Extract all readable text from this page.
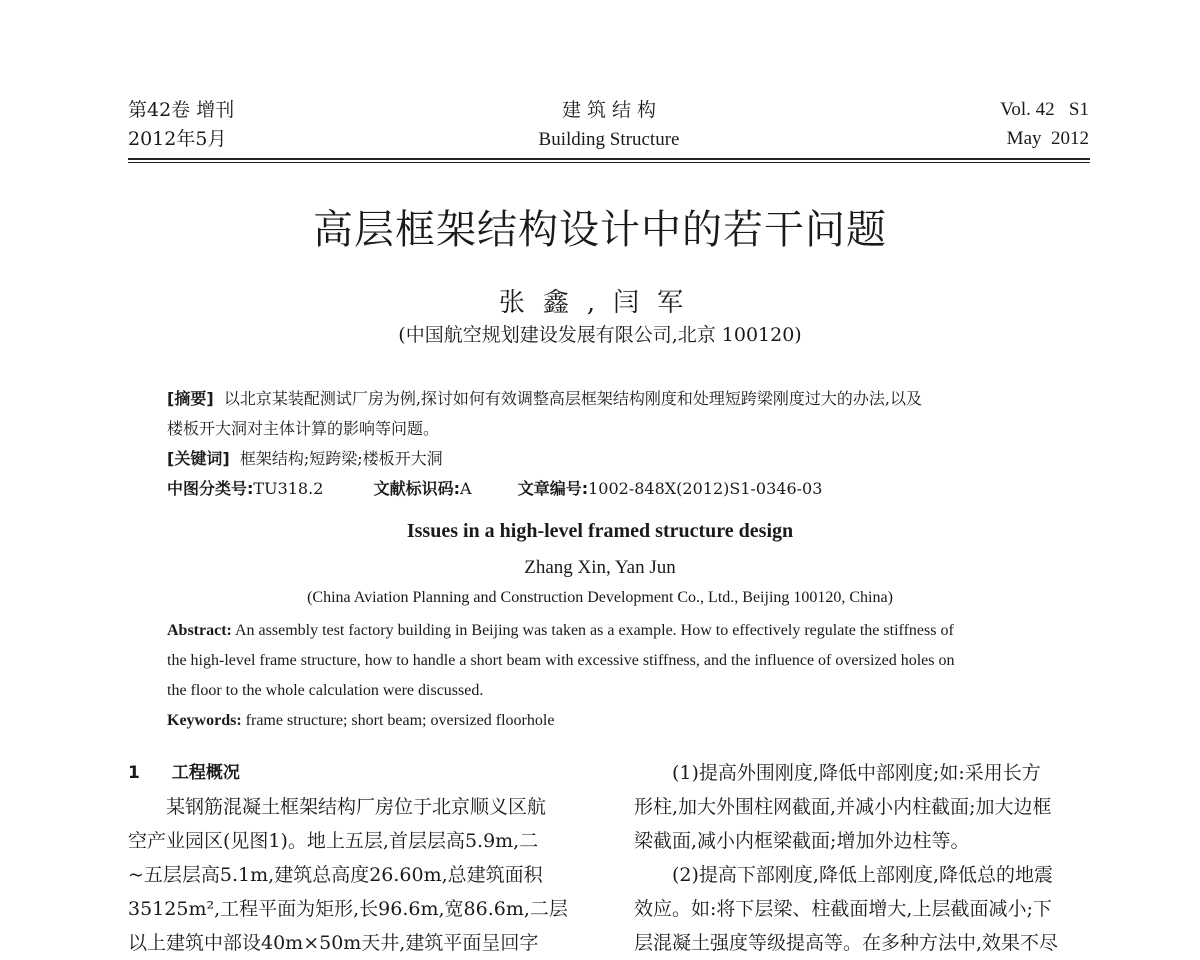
第42卷 增刊
2012年5月
建 筑 结 构
Building Structure
Vol. 42   S1
May  2012
高层框架结构设计中的若干问题
张鑫,闫军
(中国航空规划建设发展有限公司,北京 100120)
[摘要] 以北京某装配测试厂房为例,探讨如何有效调整高层框架结构刚度和处理短跨梁刚度过大的办法,以及
楼板开大洞对主体计算的影响等问题。
[关键词] 框架结构;短跨梁;楼板开大洞
中图分类号:TU318.2	文献标识码:A	文章编号:1002-848X(2012)S1-0346-03
Issues in a high-level framed structure design
Zhang Xin, Yan Jun
(China Aviation Planning and Construction Development Co., Ltd., Beijing 100120, China)
Abstract: An assembly test factory building in Beijing was taken as a example. How to effectively regulate the stiffness of
the high-level frame structure, how to handle a short beam with excessive stiffness, and the influence of oversized holes on
the floor to the whole calculation were discussed.
Keywords: frame structure; short beam; oversized floorhole

1 工程概况

某钢筋混凝土框架结构厂房位于北京顺义区航

空产业园区(见图1)。地上五层,首层层高5.9m,二

~五层层高5.1m,建筑总高度26.60m,总建筑面积

35125m²,工程平面为矩形,长96.6m,宽86.6m,二层

以上建筑中部设40m×50m天井,建筑平面呈回字

(1)提高外围刚度,降低中部刚度;如:采用长方

形柱,加大外围柱网截面,并减小内柱截面;加大边框

梁截面,减小内框梁截面;增加外边柱等。

(2)提高下部刚度,降低上部刚度,降低总的地震

效应。如:将下层梁、柱截面增大,上层截面减小;下

层混凝土强度等级提高等。在多种方法中,效果不尽
